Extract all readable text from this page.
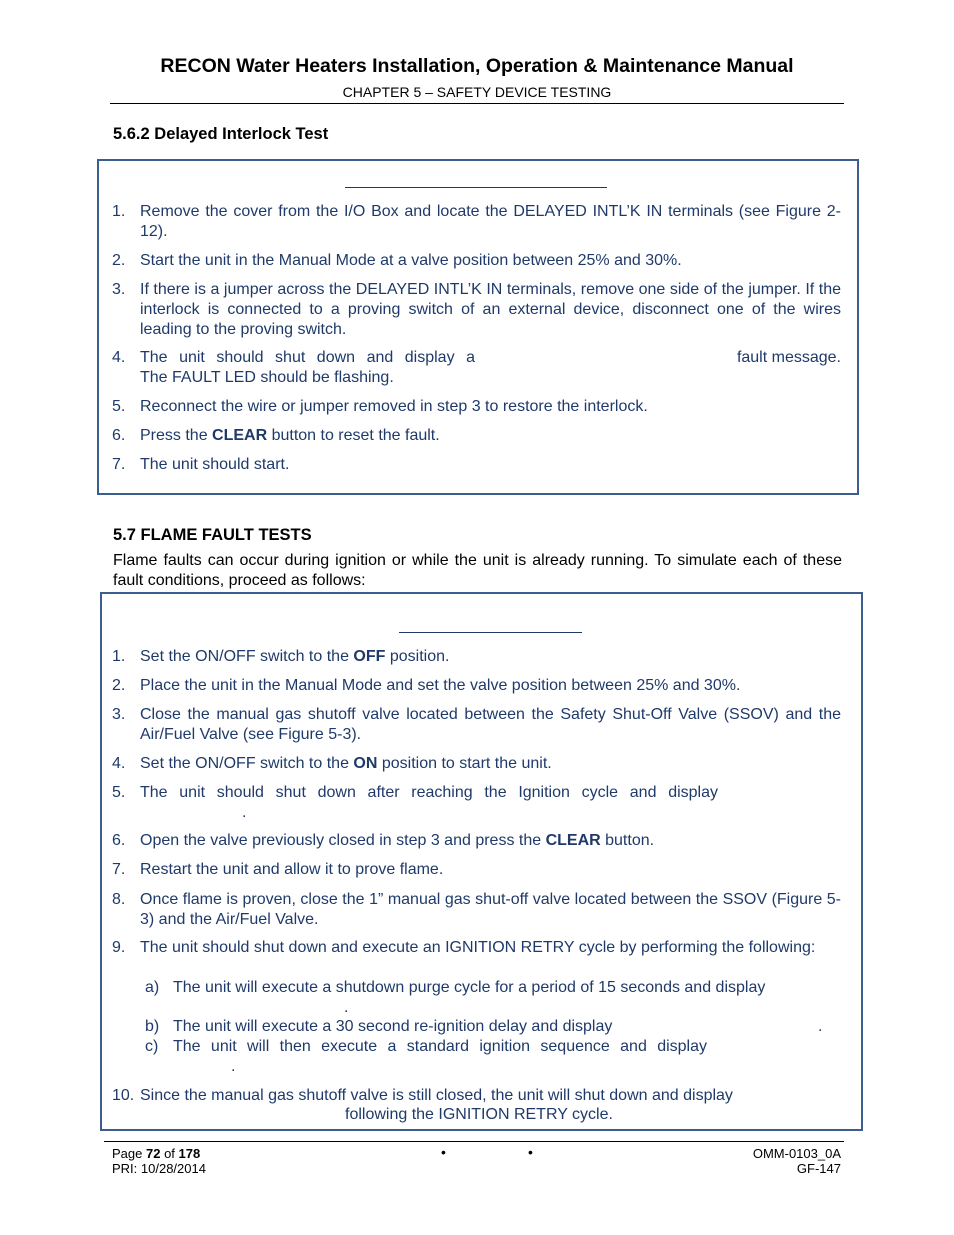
RECON Water Heaters Installation, Operation & Maintenance Manual
CHAPTER 5 – SAFETY DEVICE TESTING
5.6.2 Delayed Interlock Test
1. Remove the cover from the I/O Box and locate the DELAYED INTL’K IN terminals (see Figure 2-12).
2. Start the unit in the Manual Mode at a valve position between 25% and 30%.
3. If there is a jumper across the DELAYED INTL’K IN terminals, remove one side of the jumper. If the interlock is connected to a proving switch of an external device, disconnect one of the wires leading to the proving switch.
4. The unit should shut down and display a	fault message.
The FAULT LED should be flashing.
5. Reconnect the wire or jumper removed in step 3 to restore the interlock.
6. Press the CLEAR button to reset the fault.
7. The unit should start.
5.7 FLAME FAULT TESTS
Flame faults can occur during ignition or while the unit is already running. To simulate each of these fault conditions, proceed as follows:
1. Set the ON/OFF switch to the OFF position.
2. Place the unit in the Manual Mode and set the valve position between 25% and 30%.
3. Close the manual gas shutoff valve located between the Safety Shut-Off Valve (SSOV) and the Air/Fuel Valve (see Figure 5-3).
4. Set the ON/OFF switch to the ON position to start the unit.
5. The unit should shut down after reaching the Ignition cycle and display
.
6. Open the valve previously closed in step 3 and press the CLEAR button.
7. Restart the unit and allow it to prove flame.
8. Once flame is proven, close the 1” manual gas shut-off valve located between the SSOV (Figure 5-3) and the Air/Fuel Valve.
9. The unit should shut down and execute an IGNITION RETRY cycle by performing the following:
a) The unit will execute a shutdown purge cycle for a period of 15 seconds and display
.
b) The unit will execute a 30 second re-ignition delay and display	.
c) The unit will then execute a standard ignition sequence and display
.
10. Since the manual gas shutoff valve is still closed, the unit will shut down and display
following the IGNITION RETRY cycle.
Page 72 of 178
PRI: 10/28/2014
•	•	OMM-0103_0A
GF-147
